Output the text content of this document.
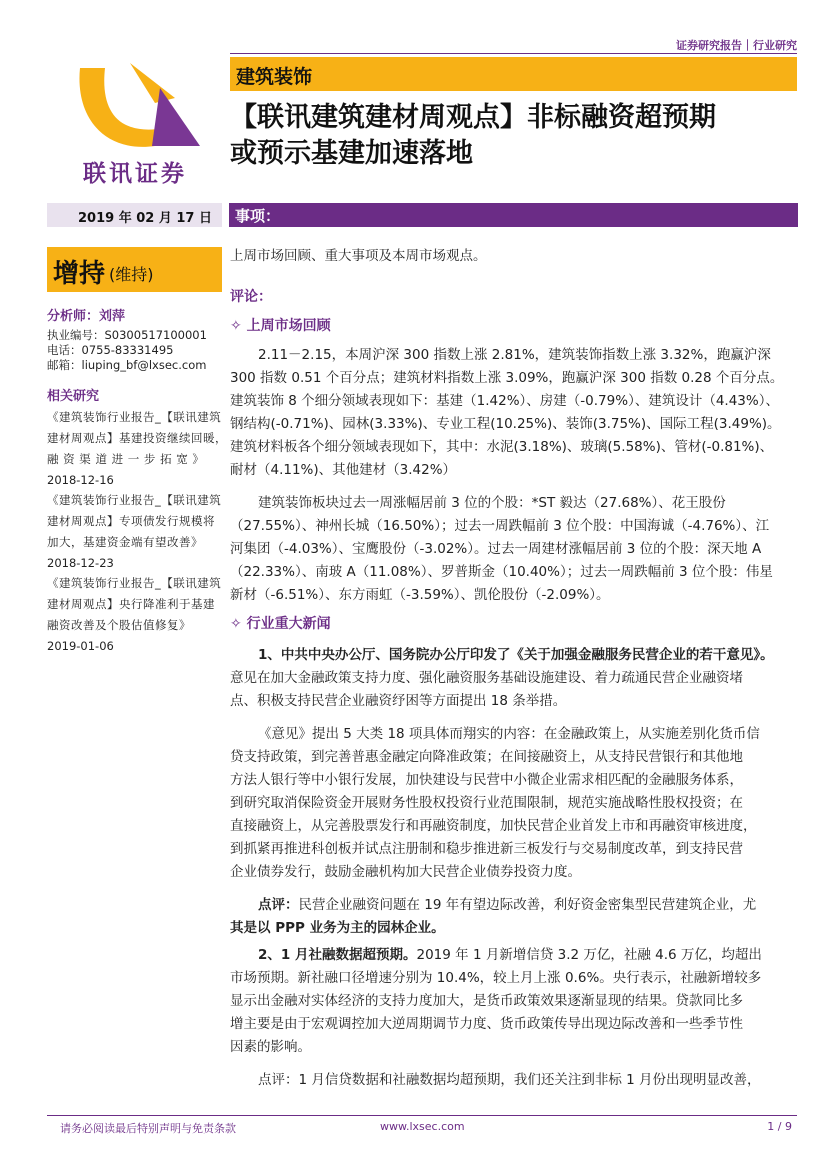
证券研究报告｜行业研究
联讯证券
建筑装饰
【联讯建筑建材周观点】非标融资超预期
或预示基建加速落地
2019 年 02 月 17 日 事项：
增持 (维持)
分析师：刘萍
执业编号：S0300517100001
电话：0755-83331495
邮箱：liuping_bf@lxsec.com
相关研究
《建筑装饰行业报告_【联讯建筑
建材周观点】基建投资继续回暖，
融 资 渠 道 进 一 步 拓 宽 》
2018-12-16
《建筑装饰行业报告_【联讯建筑
建材周观点】专项债发行规模将
加大，基建资金端有望改善》
2018-12-23
《建筑装饰行业报告_【联讯建筑
建材周观点】央行降准利于基建
融资改善及个股估值修复》
2019-01-06
上周市场回顾、重大事项及本周市场观点。
评论：
✧ 上周市场回顾
2.11－2.15，本周沪深 300 指数上涨 2.81%，建筑装饰指数上涨 3.32%，跑赢沪深
300 指数 0.51 个百分点；建筑材料指数上涨 3.09%，跑赢沪深 300 指数 0.28 个百分点。
建筑装饰 8 个细分领域表现如下：基建（1.42%）、房建（-0.79%）、建筑设计（4.43%）、
钢结构(-0.71%)、园林(3.33%)、专业工程(10.25%)、装饰(3.75%)、国际工程(3.49%)。
建筑材料板各个细分领域表现如下，其中：水泥(3.18%)、玻璃(5.58%)、管材(-0.81%)、
耐材（4.11%)、其他建材（3.42%）
建筑装饰板块过去一周涨幅居前 3 位的个股：*ST 毅达（27.68%）、花王股份
（27.55%）、神州长城（16.50%）；过去一周跌幅前 3 位个股：中国海诚（-4.76%）、江
河集团（-4.03%）、宝鹰股份（-3.02%）。过去一周建材涨幅居前 3 位的个股：深天地 A
（22.33%）、南玻 A（11.08%）、罗普斯金（10.40%）；过去一周跌幅前 3 位个股：伟星
新材（-6.51%）、东方雨虹（-3.59%）、凯伦股份（-2.09%）。
✧ 行业重大新闻
1、中共中央办公厅、国务院办公厅印发了《关于加强金融服务民营企业的若干意见》。
意见在加大金融政策支持力度、强化融资服务基础设施建设、着力疏通民营企业融资堵
点、积极支持民营企业融资纾困等方面提出 18 条举措。
《意见》提出 5 大类 18 项具体而翔实的内容：在金融政策上，从实施差别化货币信
贷支持政策，到完善普惠金融定向降准政策；在间接融资上，从支持民营银行和其他地
方法人银行等中小银行发展，加快建设与民营中小微企业需求相匹配的金融服务体系，
到研究取消保险资金开展财务性股权投资行业范围限制，规范实施战略性股权投资；在
直接融资上，从完善股票发行和再融资制度，加快民营企业首发上市和再融资审核进度，
到抓紧再推进科创板并试点注册制和稳步推进新三板发行与交易制度改革，到支持民营
企业债券发行，鼓励金融机构加大民营企业债券投资力度。
点评：民营企业融资问题在 19 年有望边际改善，利好资金密集型民营建筑企业，尤
其是以 PPP 业务为主的园林企业。
2、1 月社融数据超预期。2019 年 1 月新增信贷 3.2 万亿，社融 4.6 万亿，均超出
市场预期。新社融口径增速分别为 10.4%，较上月上涨 0.6%。央行表示，社融新增较多
显示出金融对实体经济的支持力度加大，是货币政策效果逐渐显现的结果。贷款同比多
增主要是由于宏观调控加大逆周期调节力度、货币政策传导出现边际改善和一些季节性
因素的影响。
点评：1 月信贷数据和社融数据均超预期，我们还关注到非标 1 月份出现明显改善，
请务必阅读最后特别声明与免责条款	www.lxsec.com	1 / 9
